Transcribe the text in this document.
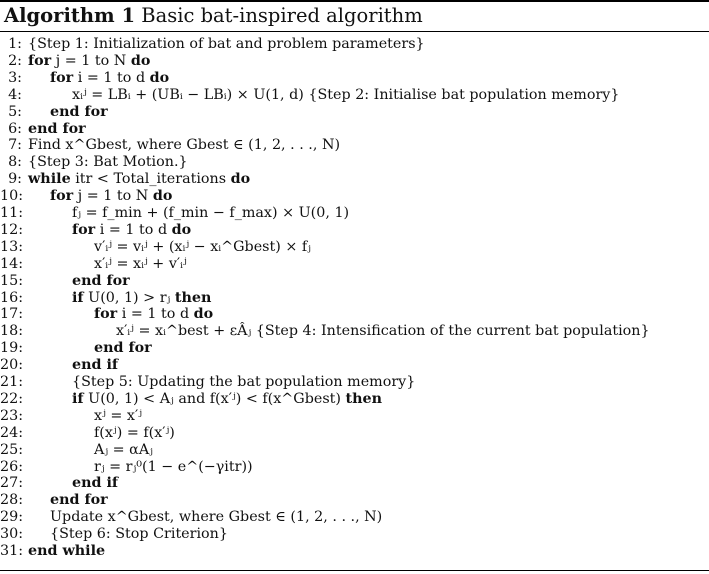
Algorithm 1 Basic bat-inspired algorithm
1: {Step 1: Initialization of bat and problem parameters}
2: for j = 1 to N do
3: for i = 1 to d do
4:	xᵢʲ = LBᵢ + (UBᵢ − LBᵢ) × U(1, d) {Step 2: Initialise bat population memory}
5: end for
6: end for
7: Find x^Gbest, where Gbest ∈ (1, 2, . . ., N)
8: {Step 3: Bat Motion.}
9: while itr < Total_iterations do
10: for j = 1 to N do
11:	fⱼ = f_min + (f_min − f_max) × U(0, 1)
12:	for i = 1 to d do
13:	v′ᵢʲ = vᵢʲ + (xᵢʲ − xᵢ^Gbest) × fⱼ
14:	x′ᵢʲ = xᵢʲ + v′ᵢʲ
15:	end for
16:	if U(0, 1) > rⱼ then
17:	for i = 1 to d do
18:	x′ᵢʲ = xᵢ^best + εÂⱼ {Step 4: Intensification of the current bat population}
19:	end for
20:	end if
21:	{Step 5: Updating the bat population memory}
22:	if U(0, 1) < Aⱼ and f(x′ʲ) < f(x^Gbest) then
23:	xʲ = x′ʲ
24:	f(xʲ) = f(x′ʲ)
25:	Aⱼ = αAⱼ
26:	rⱼ = rⱼ⁰(1 − e^(−γitr))
27:	end if
28: end for
29: Update x^Gbest, where Gbest ∈ (1, 2, . . ., N)
30: {Step 6: Stop Criterion}
31: end while
